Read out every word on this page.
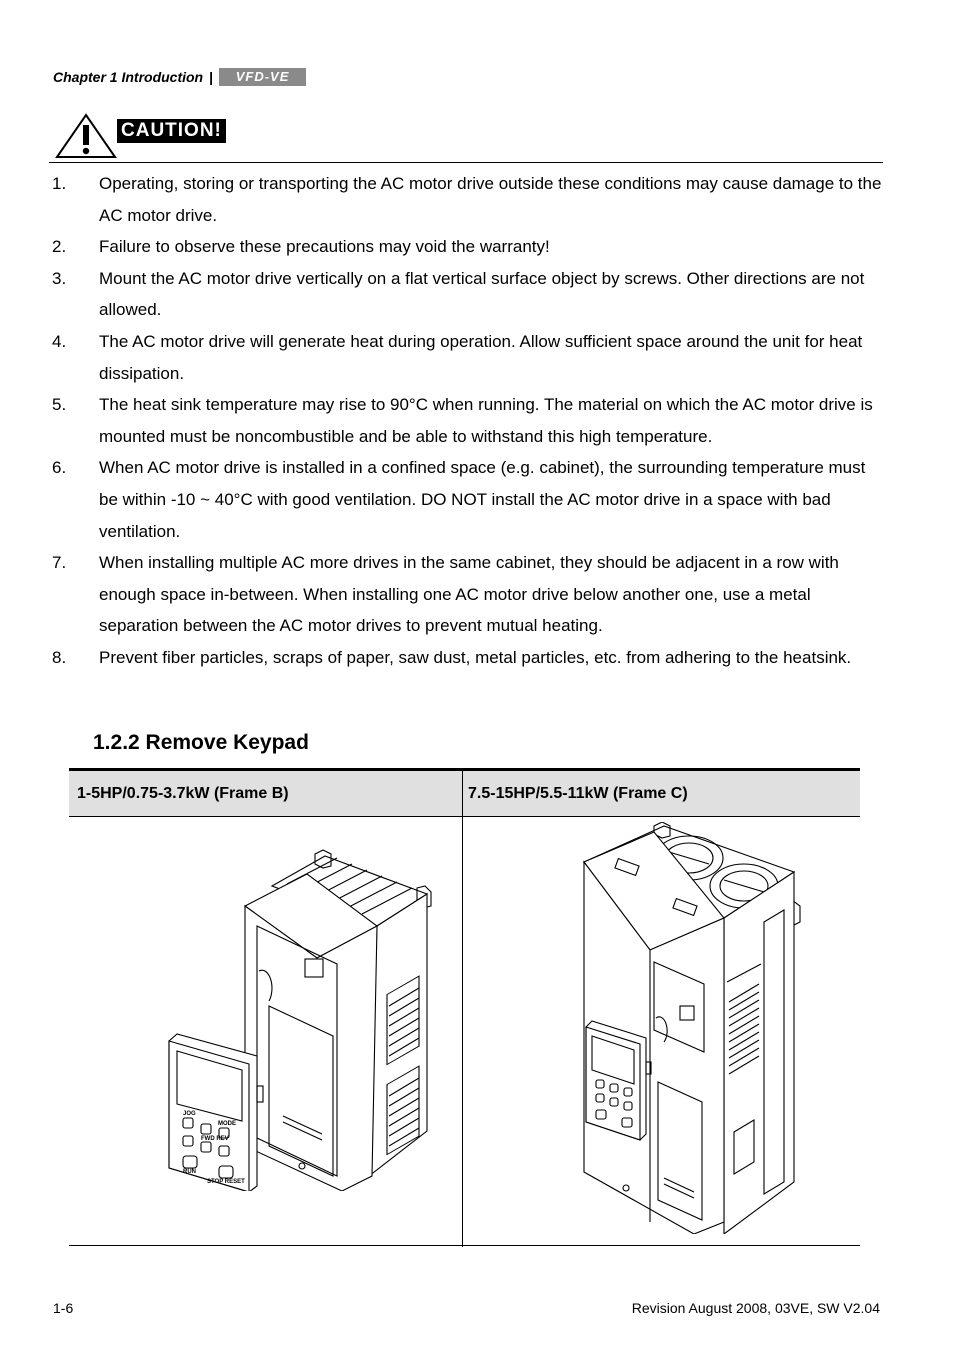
Chapter 1 Introduction |	VFD-VE
CAUTION!
1.	Operating, storing or transporting the AC motor drive outside these conditions may cause damage to the AC motor drive.
2.	Failure to observe these precautions may void the warranty!
3.	Mount the AC motor drive vertically on a flat vertical surface object by screws. Other directions are not allowed.
4.	The AC motor drive will generate heat during operation. Allow sufficient space around the unit for heat dissipation.
5.	The heat sink temperature may rise to 90°C when running. The material on which the AC motor drive is mounted must be noncombustible and be able to withstand this high temperature.
6.	When AC motor drive is installed in a confined space (e.g. cabinet), the surrounding temperature must be within -10 ~ 40°C with good ventilation. DO NOT install the AC motor drive in a space with bad ventilation.
7.	When installing multiple AC more drives in the same cabinet, they should be adjacent in a row with enough space in-between. When installing one AC motor drive below another one, use a metal separation between the AC motor drives to prevent mutual heating.
8.	Prevent fiber particles, scraps of paper, saw dust, metal particles, etc. from adhering to the heatsink.
1.2.2 Remove Keypad
1-5HP/0.75-3.7kW (Frame B)	7.5-15HP/5.5-11kW (Frame C)
JOG
MODE
FWD REV
RUN
STOP RESET
1-6	Revision August 2008, 03VE, SW V2.04
